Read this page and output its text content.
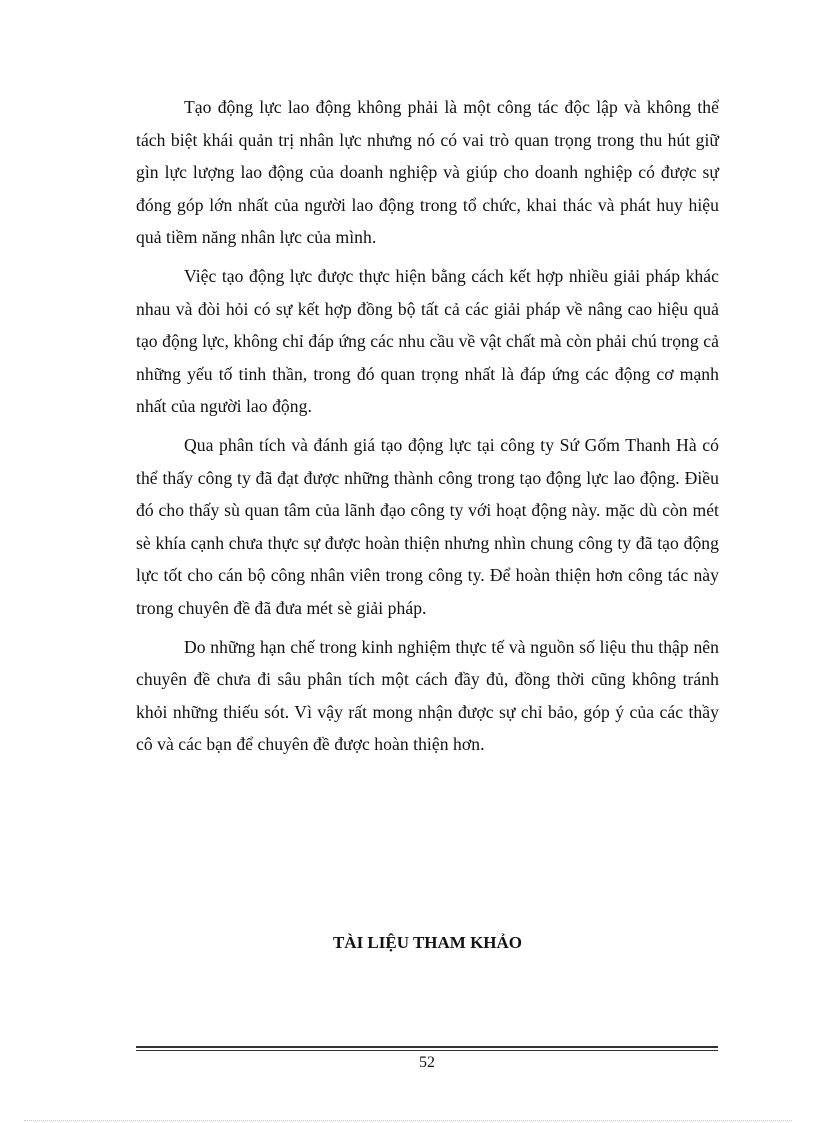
Tạo động lực lao động không phải là một công tác độc lập và không thể tách biệt khái quản trị nhân lực nhưng nó có vai trò quan trọng trong thu hút giữ gìn lực lượng lao động của doanh nghiệp và giúp cho doanh nghiệp có được sự đóng góp lớn nhất của người lao động trong tổ chức, khai thác và phát huy hiệu quả tiềm năng nhân lực của mình.

Việc tạo động lực được thực hiện bằng cách kết hợp nhiều giải pháp khác nhau và đòi hỏi có sự kết hợp đồng bộ tất cả các giải pháp về nâng cao hiệu quả tạo động lực, không chỉ đáp ứng các nhu cầu về vật chất mà còn phải chú trọng cả những yếu tố tinh thần, trong đó quan trọng nhất là đáp ứng các động cơ mạnh nhất của người lao động.

Qua phân tích và đánh giá tạo động lực tại công ty Sứ Gốm Thanh Hà có thể thấy công ty đã đạt được những thành công trong tạo động lực lao động. Điều đó cho thấy sù quan tâm của lãnh đạo công ty với hoạt động này. mặc dù còn mét sè khía cạnh chưa thực sự được hoàn thiện nhưng nhìn chung công ty đã tạo động lực tốt cho cán bộ công nhân viên trong công ty. Để hoàn thiện hơn công tác này trong chuyên đề đã đưa mét sè giải pháp.

Do những hạn chế trong kinh nghiệm thực tế và nguồn số liệu thu thập nên chuyên đề chưa đi sâu phân tích một cách đầy đủ, đồng thời cũng không tránh khỏi những thiếu sót. Vì vậy rất mong nhận được sự chỉ bảo, góp ý của các thầy cô và các bạn để chuyên đề được hoàn thiện hơn.

TÀI LIỆU THAM KHẢO
52
